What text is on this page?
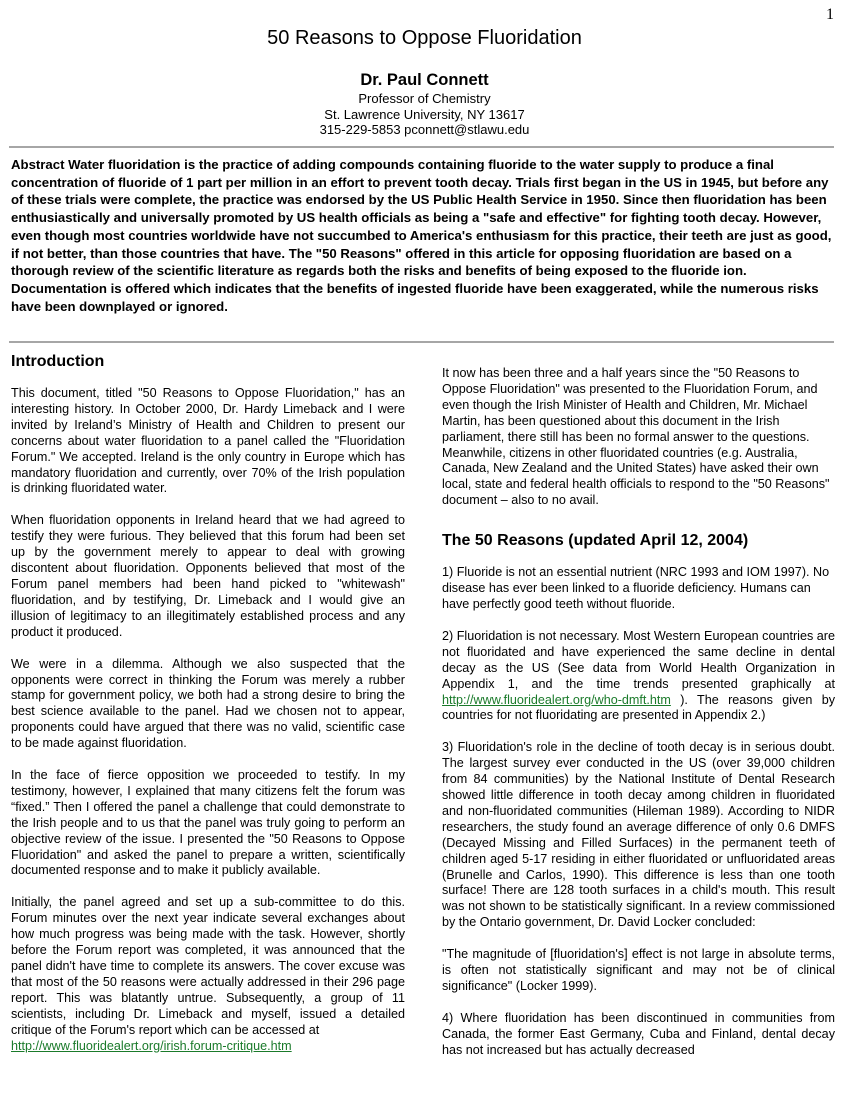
1
50 Reasons to Oppose Fluoridation
Dr. Paul Connett
Professor of Chemistry
St. Lawrence University, NY 13617
315-229-5853 pconnett@stlawu.edu
Abstract Water fluoridation is the practice of adding compounds containing fluoride to the water supply to produce a final concentration of fluoride of 1 part per million in an effort to prevent tooth decay. Trials first began in the US in 1945, but before any of these trials were complete, the practice was endorsed by the US Public Health Service in 1950. Since then fluoridation has been enthusiastically and universally promoted by US health officials as being a "safe and effective" for fighting tooth decay. However, even though most countries worldwide have not succumbed to America's enthusiasm for this practice, their teeth are just as good, if not better, than those countries that have. The "50 Reasons" offered in this article for opposing fluoridation are based on a thorough review of the scientific literature as regards both the risks and benefits of being exposed to the fluoride ion. Documentation is offered which indicates that the benefits of ingested fluoride have been exaggerated, while the numerous risks have been downplayed or ignored.
Introduction

This document, titled "50 Reasons to Oppose Fluoridation," has an interesting history. In October 2000, Dr. Hardy Limeback and I were invited by Ireland’s Ministry of Health and Children to present our concerns about water fluoridation to a panel called the "Fluoridation Forum." We accepted. Ireland is the only country in Europe which has mandatory fluoridation and currently, over 70% of the Irish population is drinking fluoridated water.

When fluoridation opponents in Ireland heard that we had agreed to testify they were furious. They believed that this forum had been set up by the government merely to appear to deal with growing discontent about fluoridation. Opponents believed that most of the Forum panel members had been hand picked to "whitewash" fluoridation, and by testifying, Dr. Limeback and I would give an illusion of legitimacy to an illegitimately established process and any product it produced.

We were in a dilemma. Although we also suspected that the opponents were correct in thinking the Forum was merely a rubber stamp for government policy, we both had a strong desire to bring the best science available to the panel. Had we chosen not to appear, proponents could have argued that there was no valid, scientific case to be made against fluoridation.

In the face of fierce opposition we proceeded to testify. In my testimony, however, I explained that many citizens felt the forum was “fixed.” Then I offered the panel a challenge that could demonstrate to the Irish people and to us that the panel was truly going to perform an objective review of the issue. I presented the "50 Reasons to Oppose Fluoridation" and asked the panel to prepare a written, scientifically documented response and to make it publicly available.

Initially, the panel agreed and set up a sub-committee to do this. Forum minutes over the next year indicate several exchanges about how much progress was being made with the task. However, shortly before the Forum report was completed, it was announced that the panel didn't have time to complete its answers. The cover excuse was that most of the 50 reasons were actually addressed in their 296 page report. This was blatantly untrue. Subsequently, a group of 11 scientists, including Dr. Limeback and myself, issued a detailed critique of the Forum's report which can be accessed at
http://www.fluoridealert.org/irish.forum-critique.htm

It now has been three and a half years since the "50 Reasons to Oppose Fluoridation" was presented to the Fluoridation Forum, and even though the Irish Minister of Health and Children, Mr. Michael Martin, has been questioned about this document in the Irish parliament, there still has been no formal answer to the questions. Meanwhile, citizens in other fluoridated countries (e.g. Australia, Canada, New Zealand and the United States) have asked their own local, state and federal health officials to respond to the "50 Reasons" document – also to no avail.

The 50 Reasons (updated April 12, 2004)

1) Fluoride is not an essential nutrient (NRC 1993 and IOM 1997). No disease has ever been linked to a fluoride deficiency. Humans can have perfectly good teeth without fluoride.

2) Fluoridation is not necessary. Most Western European countries are not fluoridated and have experienced the same decline in dental decay as the US (See data from World Health Organization in Appendix 1, and the time trends presented graphically at http://www.fluoridealert.org/who-dmft.htm ). The reasons given by countries for not fluoridating are presented in Appendix 2.)

3) Fluoridation's role in the decline of tooth decay is in serious doubt. The largest survey ever conducted in the US (over 39,000 children from 84 communities) by the National Institute of Dental Research showed little difference in tooth decay among children in fluoridated and non-fluoridated communities (Hileman 1989). According to NIDR researchers, the study found an average difference of only 0.6 DMFS (Decayed Missing and Filled Surfaces) in the permanent teeth of children aged 5-17 residing in either fluoridated or unfluoridated areas (Brunelle and Carlos, 1990). This difference is less than one tooth surface! There are 128 tooth surfaces in a child's mouth. This result was not shown to be statistically significant. In a review commissioned by the Ontario government, Dr. David Locker concluded:

"The magnitude of [fluoridation's] effect is not large in absolute terms, is often not statistically significant and may not be of clinical significance" (Locker 1999).

4) Where fluoridation has been discontinued in communities from Canada, the former East Germany, Cuba and Finland, dental decay has not increased but has actually decreased
